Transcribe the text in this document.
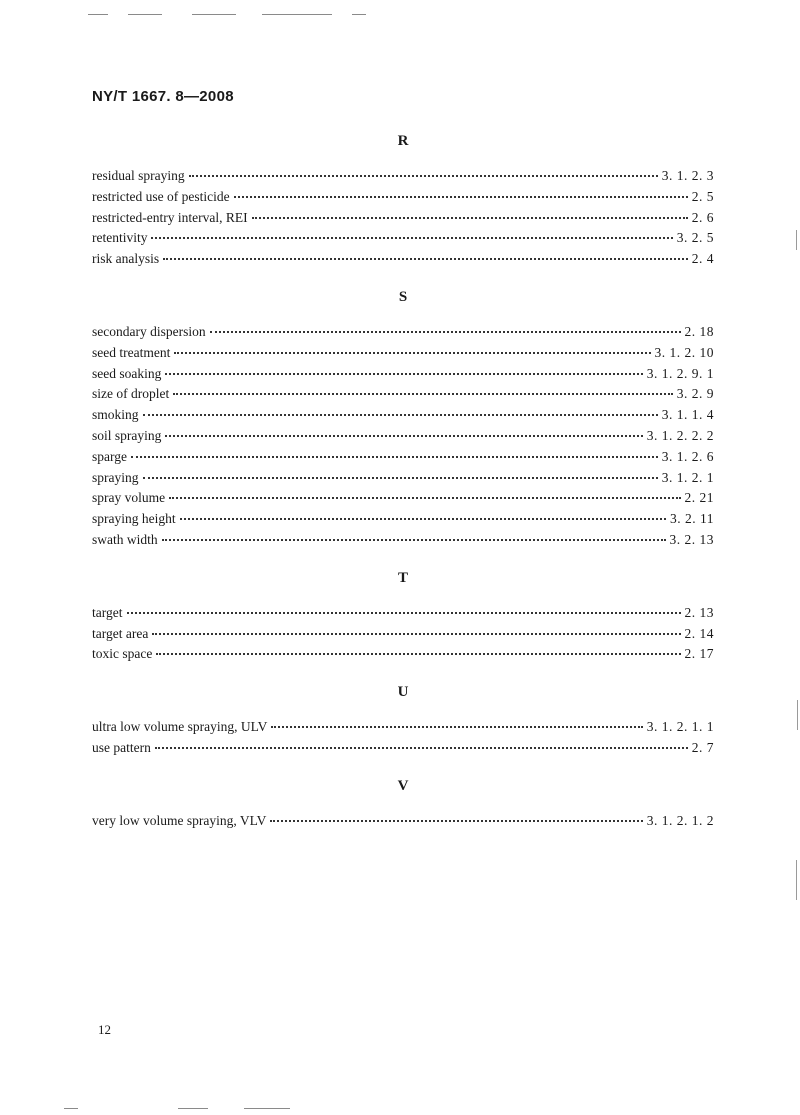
NY/T 1667. 8—2008
R
residual spraying	3. 1. 2. 3
restricted use of pesticide	2. 5
restricted-entry interval, REI	2. 6
retentivity	3. 2. 5
risk analysis	2. 4
S
secondary dispersion	2. 18
seed treatment	3. 1. 2. 10
seed soaking	3. 1. 2. 9. 1
size of droplet	3. 2. 9
smoking	3. 1. 1. 4
soil spraying	3. 1. 2. 2. 2
sparge	3. 1. 2. 6
spraying	3. 1. 2. 1
spray volume	2. 21
spraying height	3. 2. 11
swath width	3. 2. 13
T
target	2. 13
target area	2. 14
toxic space	2. 17
U
ultra low volume spraying, ULV	3. 1. 2. 1. 1
use pattern	2. 7
V
very low volume spraying, VLV	3. 1. 2. 1. 2
12
